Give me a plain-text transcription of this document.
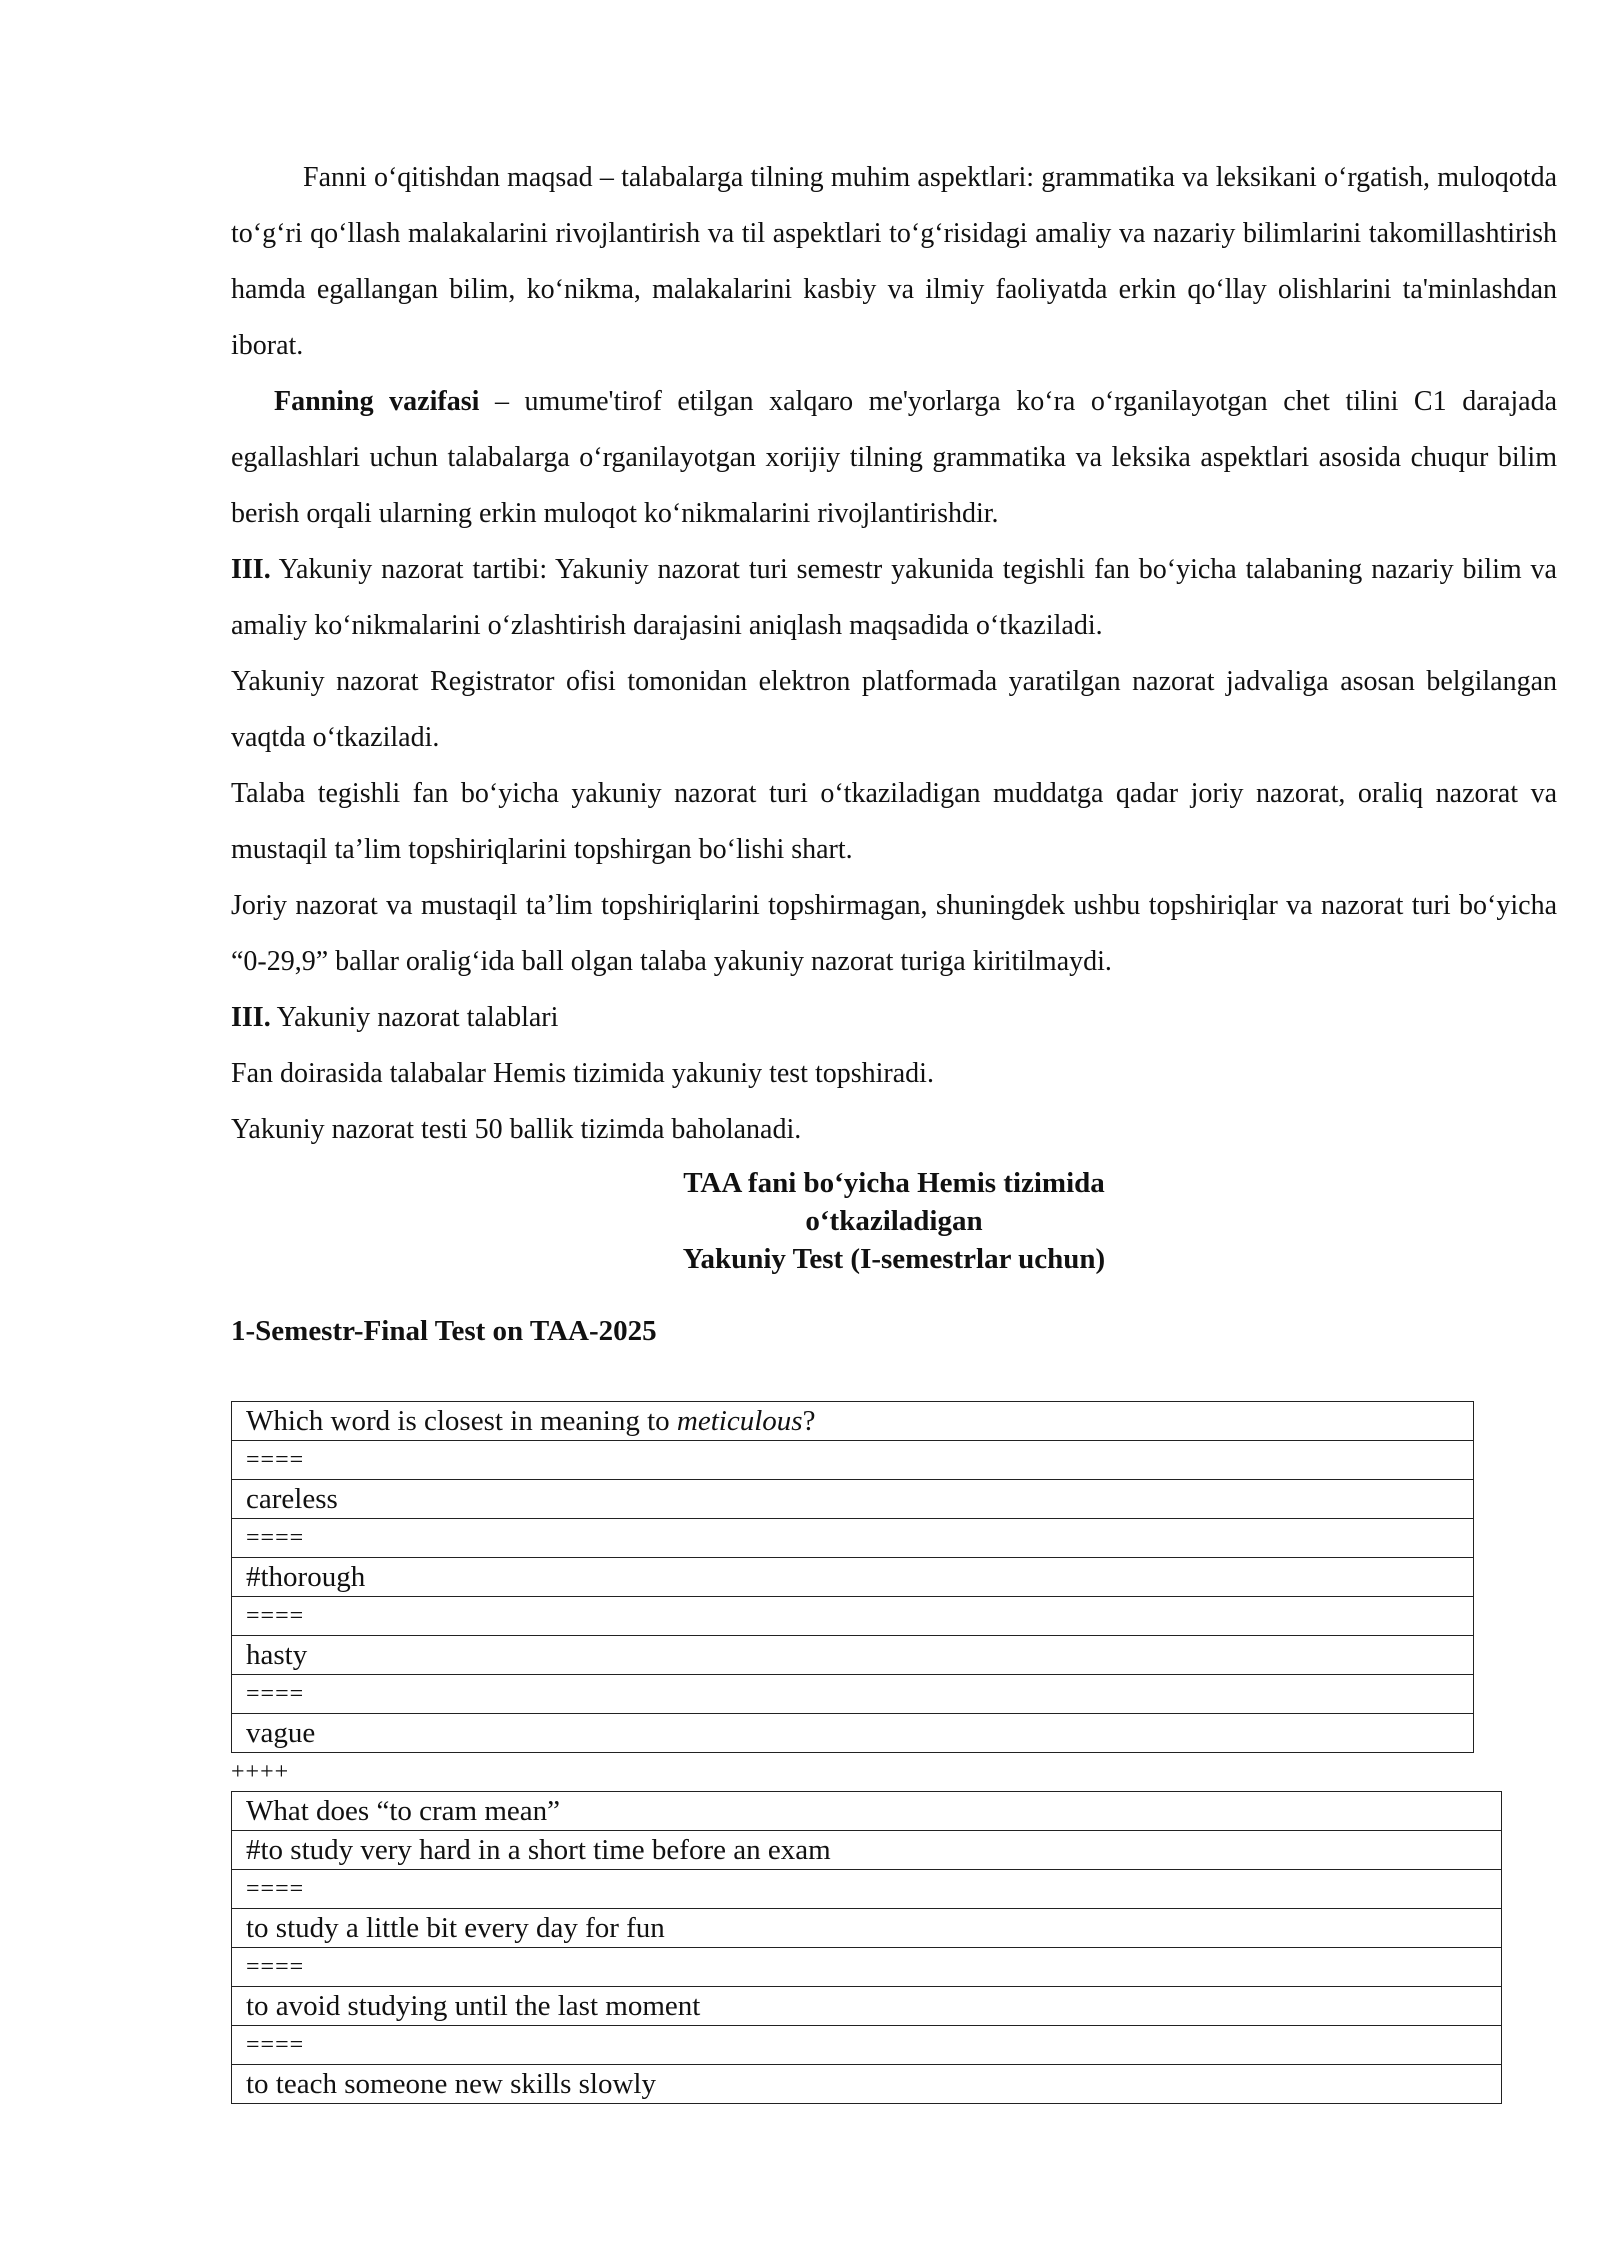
Fanni o‘qitishdan maqsad – talabalarga tilning muhim aspektlari: grammatika va leksikani o‘rgatish, muloqotda to‘g‘ri qo‘llash malakalarini rivojlantirish va til aspektlari to‘g‘risidagi amaliy va nazariy bilimlarini takomillashtirish hamda egallangan bilim, ko‘nikma, malakalarini kasbiy va ilmiy faoliyatda erkin qo‘llay olishlarini ta'minlashdan iborat.

Fanning vazifasi – umume'tirof etilgan xalqaro me'yorlarga ko‘ra o‘rganilayotgan chet tilini C1 darajada egallashlari uchun talabalarga o‘rganilayotgan xorijiy tilning grammatika va leksika aspektlari asosida chuqur bilim berish orqali ularning erkin muloqot ko‘nikmalarini rivojlantirishdir.

III. Yakuniy nazorat tartibi: Yakuniy nazorat turi semestr yakunida tegishli fan bo‘yicha talabaning nazariy bilim va amaliy ko‘nikmalarini o‘zlashtirish darajasini aniqlash maqsadida o‘tkaziladi.

Yakuniy nazorat Registrator ofisi tomonidan elektron platformada yaratilgan nazorat jadvaliga asosan belgilangan vaqtda o‘tkaziladi.

Talaba tegishli fan bo‘yicha yakuniy nazorat turi o‘tkaziladigan muddatga qadar joriy nazorat, oraliq nazorat va mustaqil ta’lim topshiriqlarini topshirgan bo‘lishi shart.

Joriy nazorat va mustaqil ta’lim topshiriqlarini topshirmagan, shuningdek ushbu topshiriqlar va nazorat turi bo‘yicha “0-29,9” ballar oralig‘ida ball olgan talaba yakuniy nazorat turiga kiritilmaydi.

III. Yakuniy nazorat talablari

Fan doirasida talabalar Hemis tizimida yakuniy test topshiradi.

Yakuniy nazorat testi 50 ballik tizimda baholanadi.

TAA fani bo‘yicha Hemis tizimida
o‘tkaziladigan
Yakuniy Test (I-semestrlar uchun)
1-Semestr-Final Test on TAA-2025
Which word is closest in meaning to meticulous?
====
careless
====
#thorough
====
hasty
====
vague
++++
What does “to cram mean”
#to study very hard in a short time before an exam
====
to study a little bit every day for fun
====
to avoid studying until the last moment
====
to teach someone new skills slowly
